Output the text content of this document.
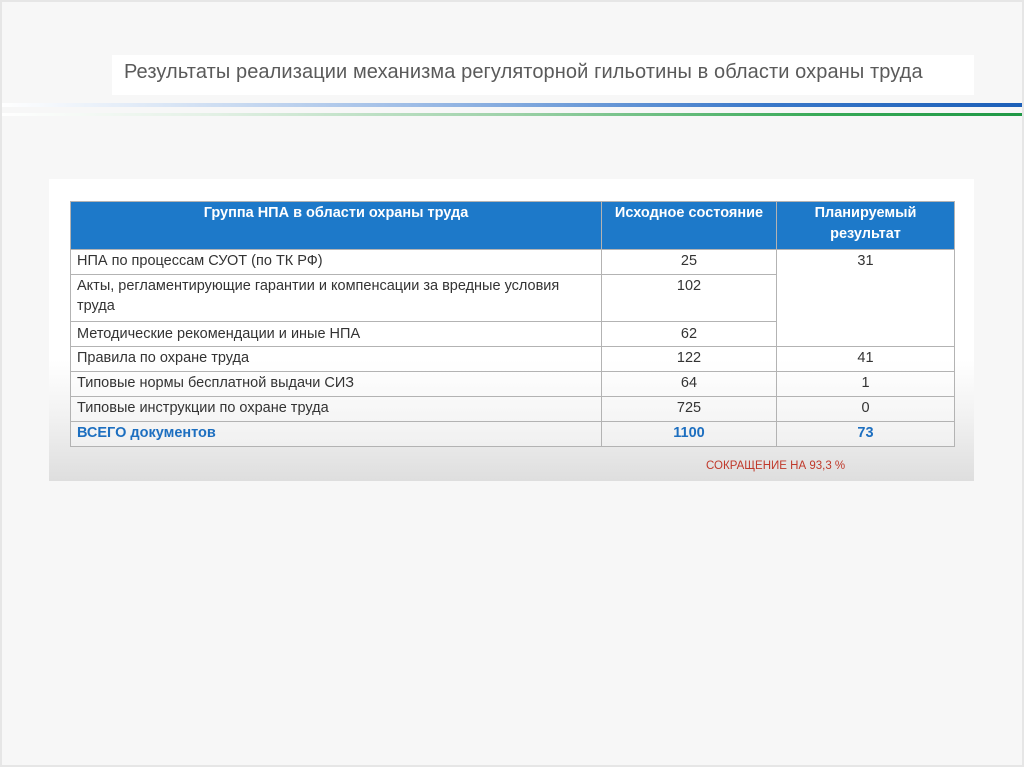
Результаты реализации механизма регуляторной гильотины в области охраны труда
Группа НПА в области охраны труда	Исходное состояние	Планируемый результат
НПА по процессам СУОТ (по ТК РФ)	25	31
Акты, регламентирующие гарантии и компенсации за вредные условия труда	102	
Методические рекомендации и иные НПА	62	
Правила по охране труда	122	41
Типовые нормы бесплатной выдачи СИЗ	64	1
Типовые инструкции по охране труда	725	0
ВСЕГО документов	1100	73
СОКРАЩЕНИЕ НА 93,3 %
